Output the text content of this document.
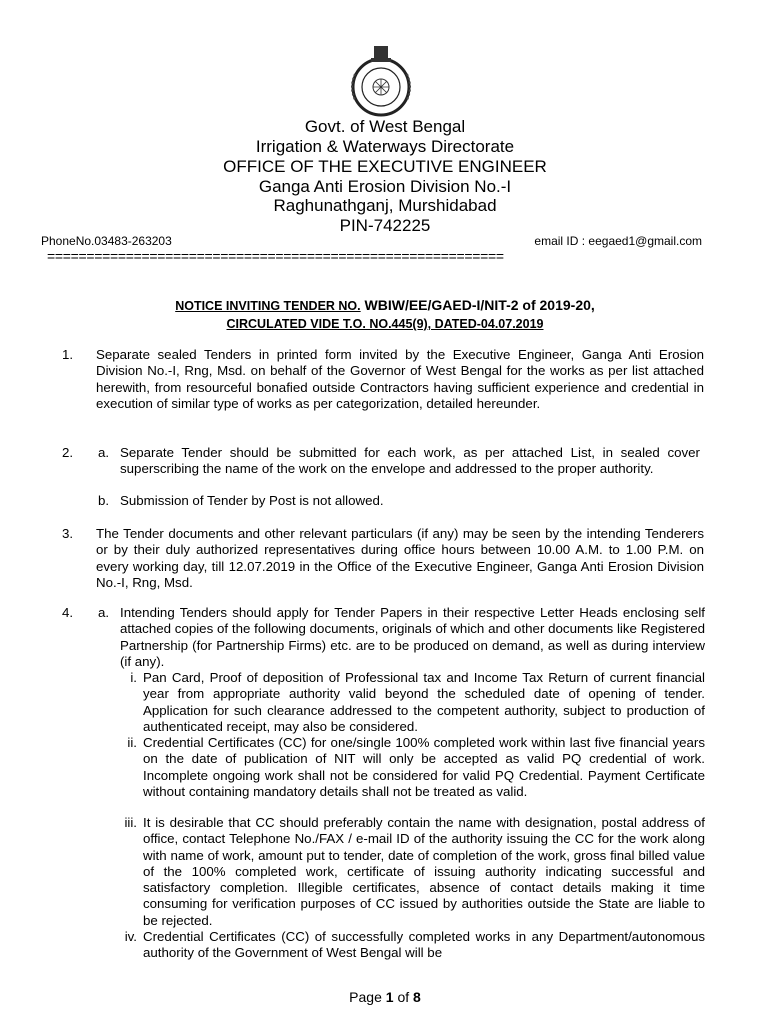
Govt. of West Bengal
Irrigation & Waterways Directorate
OFFICE OF THE EXECUTIVE ENGINEER
Ganga Anti Erosion Division No.-I
Raghunathganj, Murshidabad
PIN-742225
PhoneNo.03483-263203	email ID : eegaed1@gmail.com
==========================================================
NOTICE INVITING TENDER NO. WBIW/EE/GAED-I/NIT-2 of 2019-20,
CIRCULATED VIDE T.O. NO.445(9), DATED-04.07.2019
1. Separate sealed Tenders in printed form invited by the Executive Engineer, Ganga Anti Erosion Division No.-I, Rng, Msd. on behalf of the Governor of West Bengal for the works as per list attached herewith, from resourceful bonafied outside Contractors having sufficient experience and credential in execution of similar type of works as per categorization, detailed hereunder.
2. a. Separate Tender should be submitted for each work, as per attached List, in sealed cover superscribing the name of the work on the envelope and addressed to the proper authority.
b. Submission of Tender by Post is not allowed.
3. The Tender documents and other relevant particulars (if any) may be seen by the intending Tenderers or by their duly authorized representatives during office hours between 10.00 A.M. to 1.00 P.M. on every working day, till 12.07.2019 in the Office of the Executive Engineer, Ganga Anti Erosion Division No.-I, Rng, Msd.
4. a. Intending Tenders should apply for Tender Papers in their respective Letter Heads enclosing self attached copies of the following documents, originals of which and other documents like Registered Partnership (for Partnership Firms) etc. are to be produced on demand, as well as during interview (if any).
i. Pan Card, Proof of deposition of Professional tax and Income Tax Return of current financial year from appropriate authority valid beyond the scheduled date of opening of tender. Application for such clearance addressed to the competent authority, subject to production of authenticated receipt, may also be considered.
ii. Credential Certificates (CC) for one/single 100% completed work within last five financial years on the date of publication of NIT will only be accepted as valid PQ credential of work. Incomplete ongoing work shall not be considered for valid PQ Credential. Payment Certificate without containing mandatory details shall not be treated as valid.
iii. It is desirable that CC should preferably contain the name with designation, postal address of office, contact Telephone No./FAX / e-mail ID of the authority issuing the CC for the work along with name of work, amount put to tender, date of completion of the work, gross final billed value of the 100% completed work, certificate of issuing authority indicating successful and satisfactory completion. Illegible certificates, absence of contact details making it time consuming for verification purposes of CC issued by authorities outside the State are liable to be rejected.
iv. Credential Certificates (CC) of successfully completed works in any Department/autonomous authority of the Government of West Bengal will be
Page 1 of 8
